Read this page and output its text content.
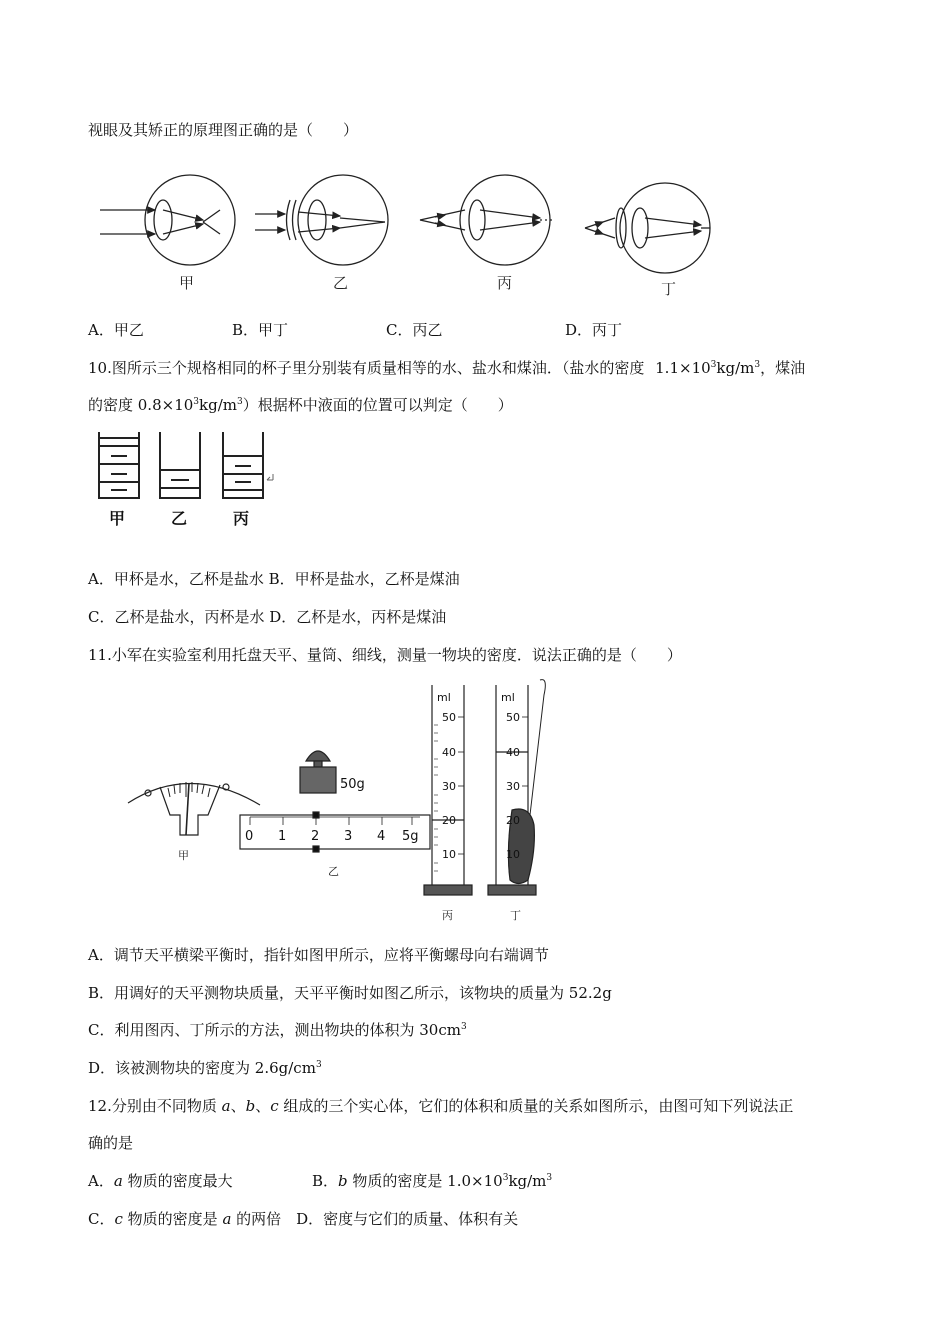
视眼及其矫正的原理图正确的是（　　）
甲	乙	丙	丁
A．甲乙	B．甲丁	C．丙乙	D．丙丁
10.图所示三个规格相同的杯子里分别装有质量相等的水、盐水和煤油．（盐水的密度 $1.1\times 10^3kg/m^3$，煤油
的密度 $0.8\times 10^3kg/m^3$）根据杯中液面的位置可以判定（　　）
甲	乙	丙
A．甲杯是水，乙杯是盐水 B．甲杯是盐水，乙杯是煤油
C．乙杯是盐水，丙杯是水 D．乙杯是水，丙杯是煤油
11.小军在实验室利用托盘天平、量筒、细线，测量一物块的密度．说法正确的是（　　）
50g
0 1 2 3 4 5g
ml
50
40
30
20
10
ml
50
40
30
20
10
甲
乙
丙	丁
A．调节天平横梁平衡时，指针如图甲所示，应将平衡螺母向右端调节
B．用调好的天平测物块质量，天平平衡时如图乙所示，该物块的质量为 52.2g
C．利用图丙、丁所示的方法，测出物块的体积为 $30cm^3$
D．该被测物块的密度为 $2.6g/cm^3$
12.分别由不同物质 a、b、c 组成的三个实心体，它们的体积和质量的关系如图所示，由图可知下列说法正
确的是
A．a 物质的密度最大	B．b 物质的密度是 $1.0\times 10^3kg/m^3$
C．c 物质的密度是 a 的两倍　D．密度与它们的质量、体积有关
